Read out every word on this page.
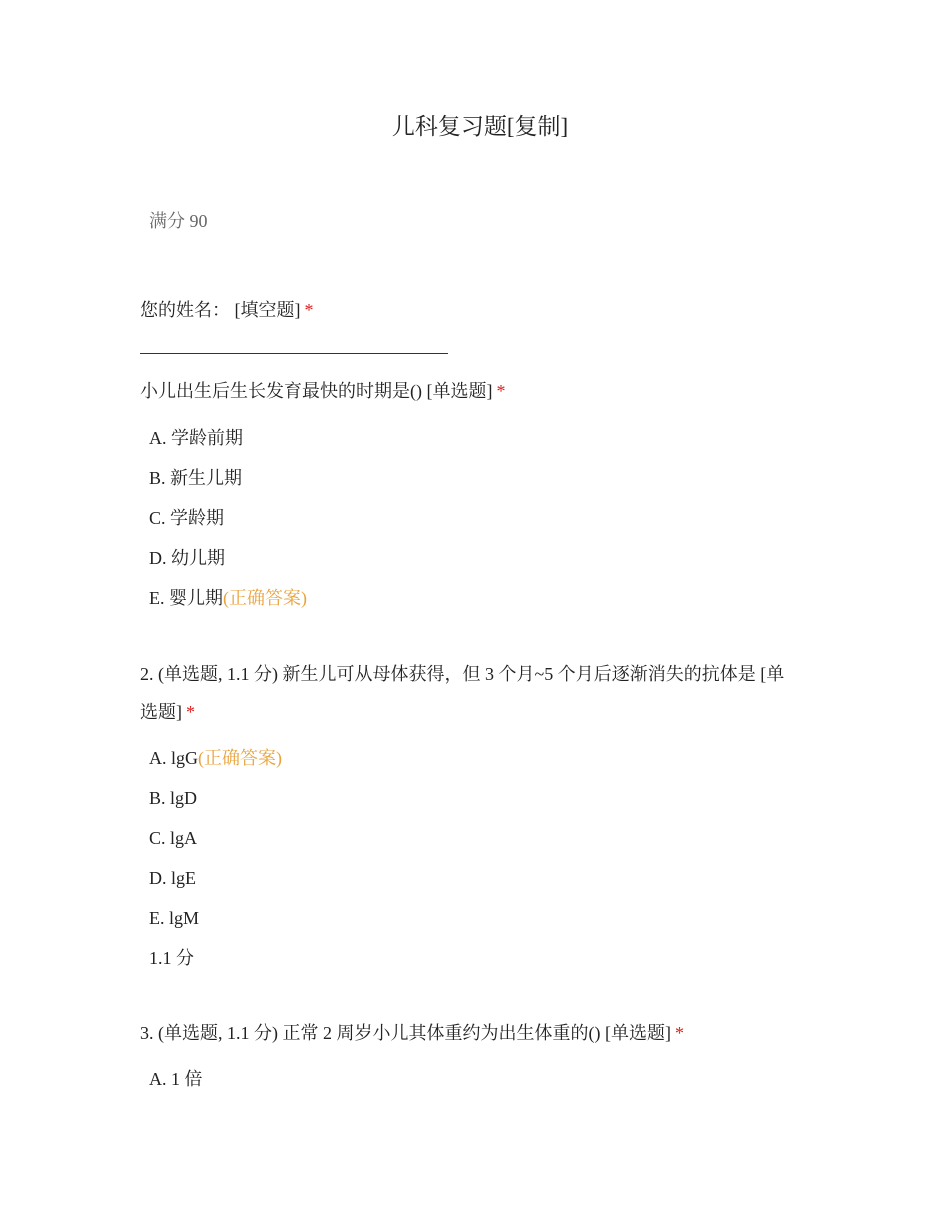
儿科复习题[复制]
满分 90
您的姓名： [填空题] *
小儿出生后生长发育最快的时期是() [单选题] *
A. 学龄前期
B. 新生儿期
C. 学龄期
D. 幼儿期
E. 婴儿期(正确答案)
2. (单选题, 1.1 分) 新生儿可从母体获得，但 3 个月~5 个月后逐渐消失的抗体是 [单
选题] *
A. lgG(正确答案)
B. lgD
C. lgA
D. lgE
E. lgM
1.1 分
3. (单选题, 1.1 分) 正常 2 周岁小儿其体重约为出生体重的() [单选题] *
A. 1 倍
